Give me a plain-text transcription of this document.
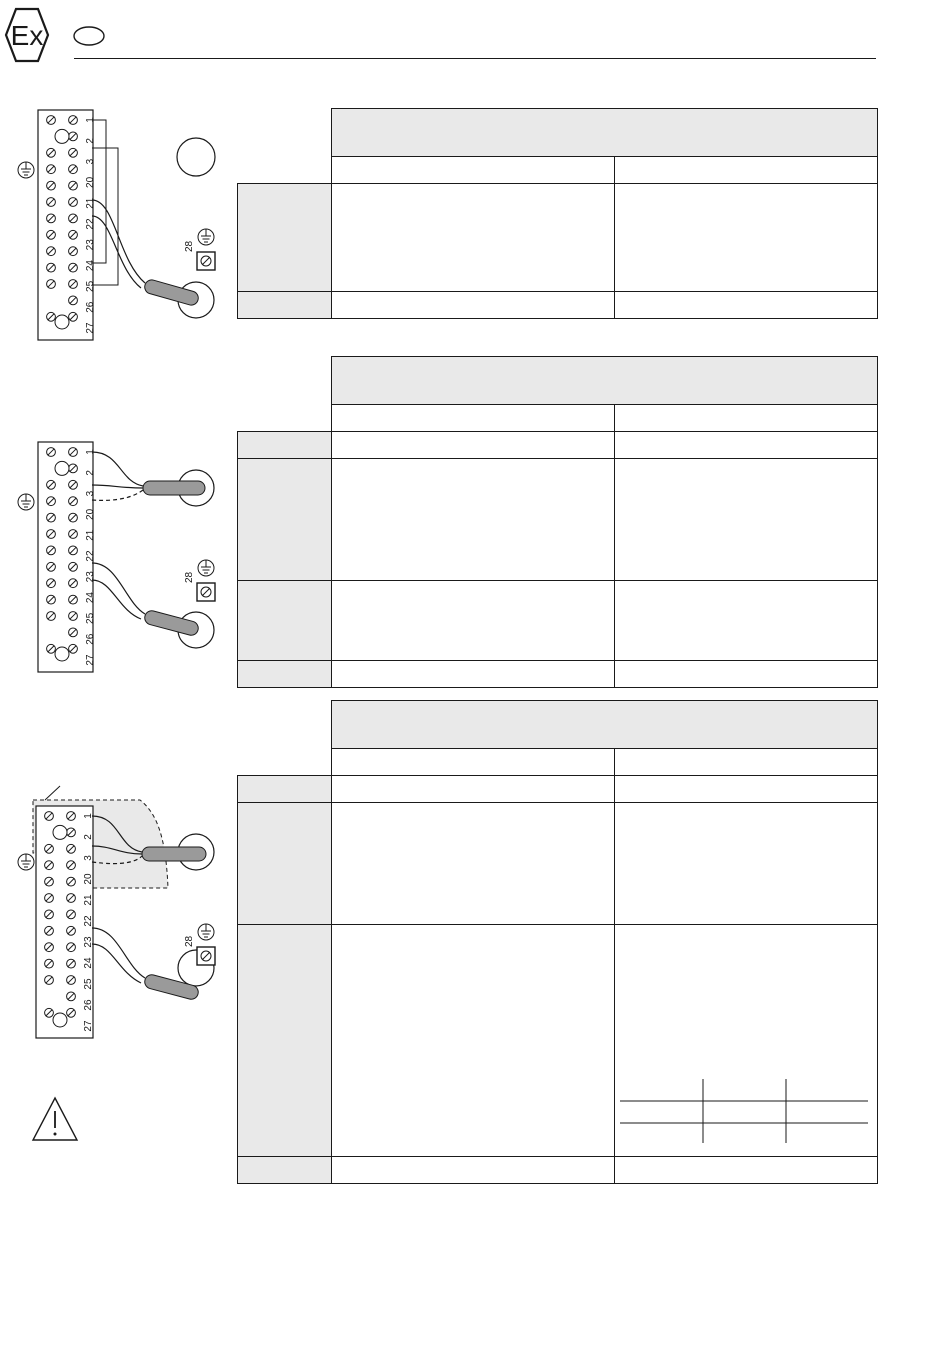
Ex

1
2
3
20
21
22
23
24
25
26
27
28
1
2
3
20
21
22
23
24
25
26
27
28
1
2
3
20
21
22
23
24
25
26
27
28
